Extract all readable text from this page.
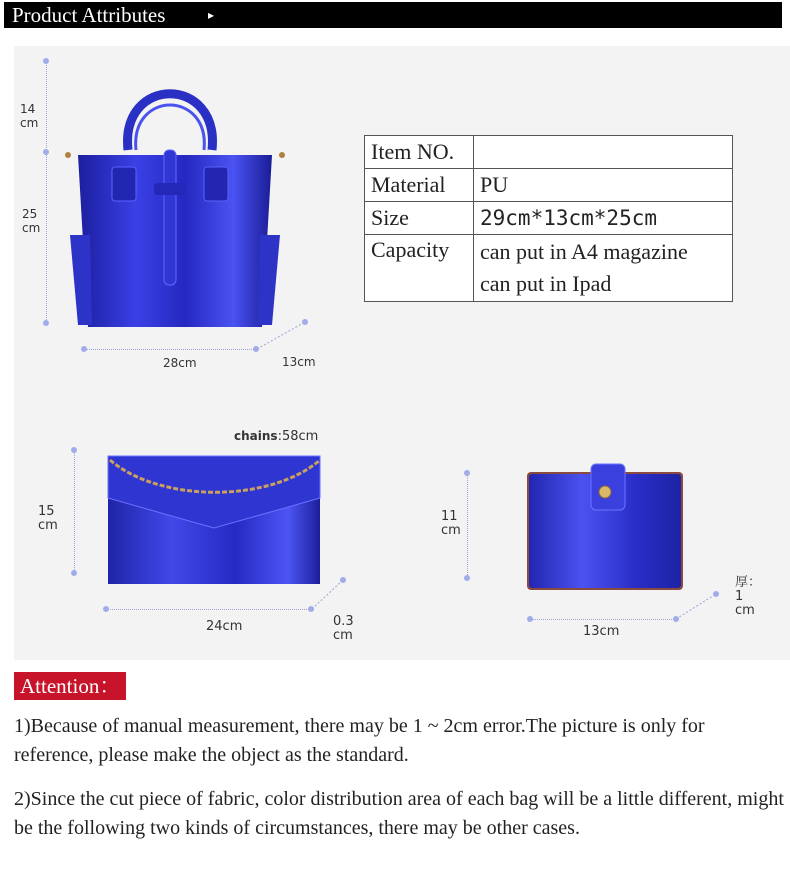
Product Attributes	▸
14
cm
25
cm
28cm	13cm
Item NO.	
Material	PU
Size	29cm*13cm*25cm
Capacity	can put in A4 magazine
can put in Ipad
chains:58cm
15
cm
24cm	0.3
cm
11
cm
13cm
厚：
1
cm
Attention：
1)Because of manual measurement, there may be 1 ~ 2cm error.The picture is only for reference, please make the object as the standard.
2)Since the cut piece of fabric, color distribution area of each bag will be a little different, might be the following two kinds of circumstances, there may be other cases.
